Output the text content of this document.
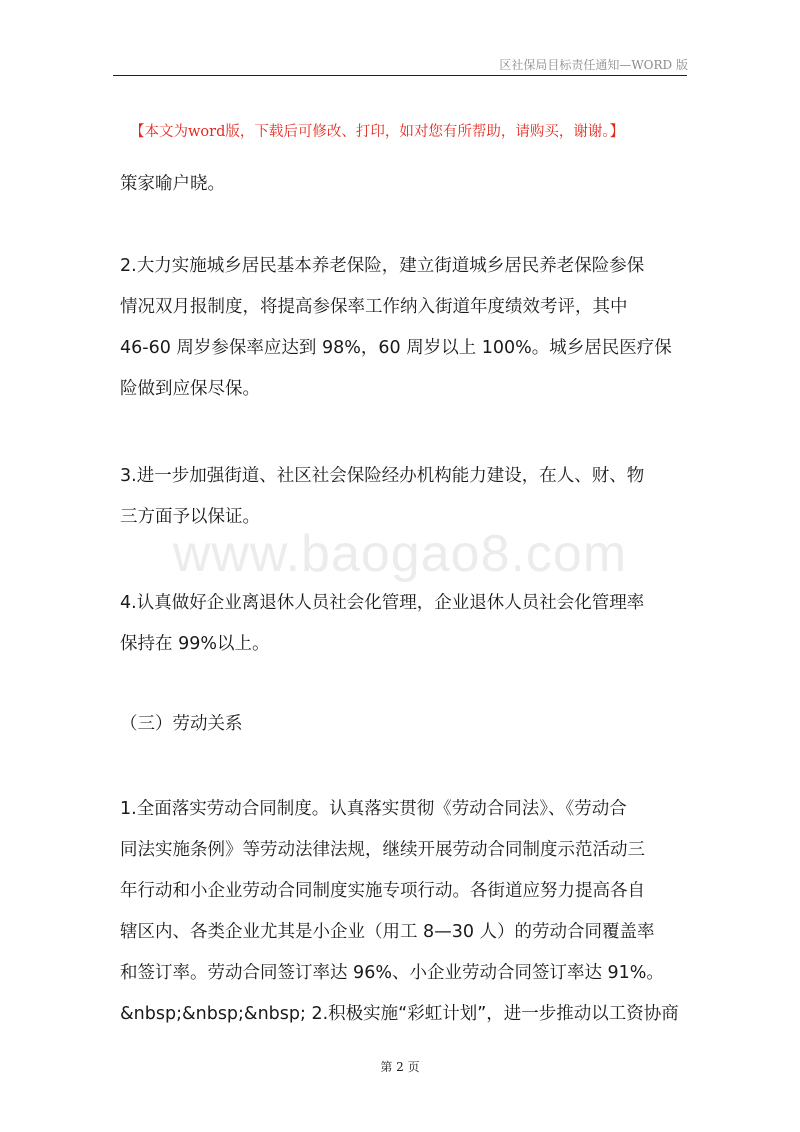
区社保局目标责任通知—WORD 版
【本文为word版，下载后可修改、打印，如对您有所帮助，请购买，谢谢。】
www.baogao8.com
策家喻户晓。
2.大力实施城乡居民基本养老保险，建立街道城乡居民养老保险参保
情况双月报制度，将提高参保率工作纳入街道年度绩效考评，其中
46-60 周岁参保率应达到 98%，60 周岁以上 100%。城乡居民医疗保
险做到应保尽保。
3.进一步加强街道、社区社会保险经办机构能力建设，在人、财、物
三方面予以保证。
4.认真做好企业离退休人员社会化管理，企业退休人员社会化管理率
保持在 99%以上。
（三）劳动关系
1.全面落实劳动合同制度。认真落实贯彻《劳动合同法》、《劳动合
同法实施条例》等劳动法律法规，继续开展劳动合同制度示范活动三
年行动和小企业劳动合同制度实施专项行动。各街道应努力提高各自
辖区内、各类企业尤其是小企业（用工 8—30 人）的劳动合同覆盖率
和签订率。劳动合同签订率达 96%、小企业劳动合同签订率达 91%。
&nbsp;&nbsp;&nbsp; 2.积极实施“彩虹计划”，进一步推动以工资协商
第 2 页
